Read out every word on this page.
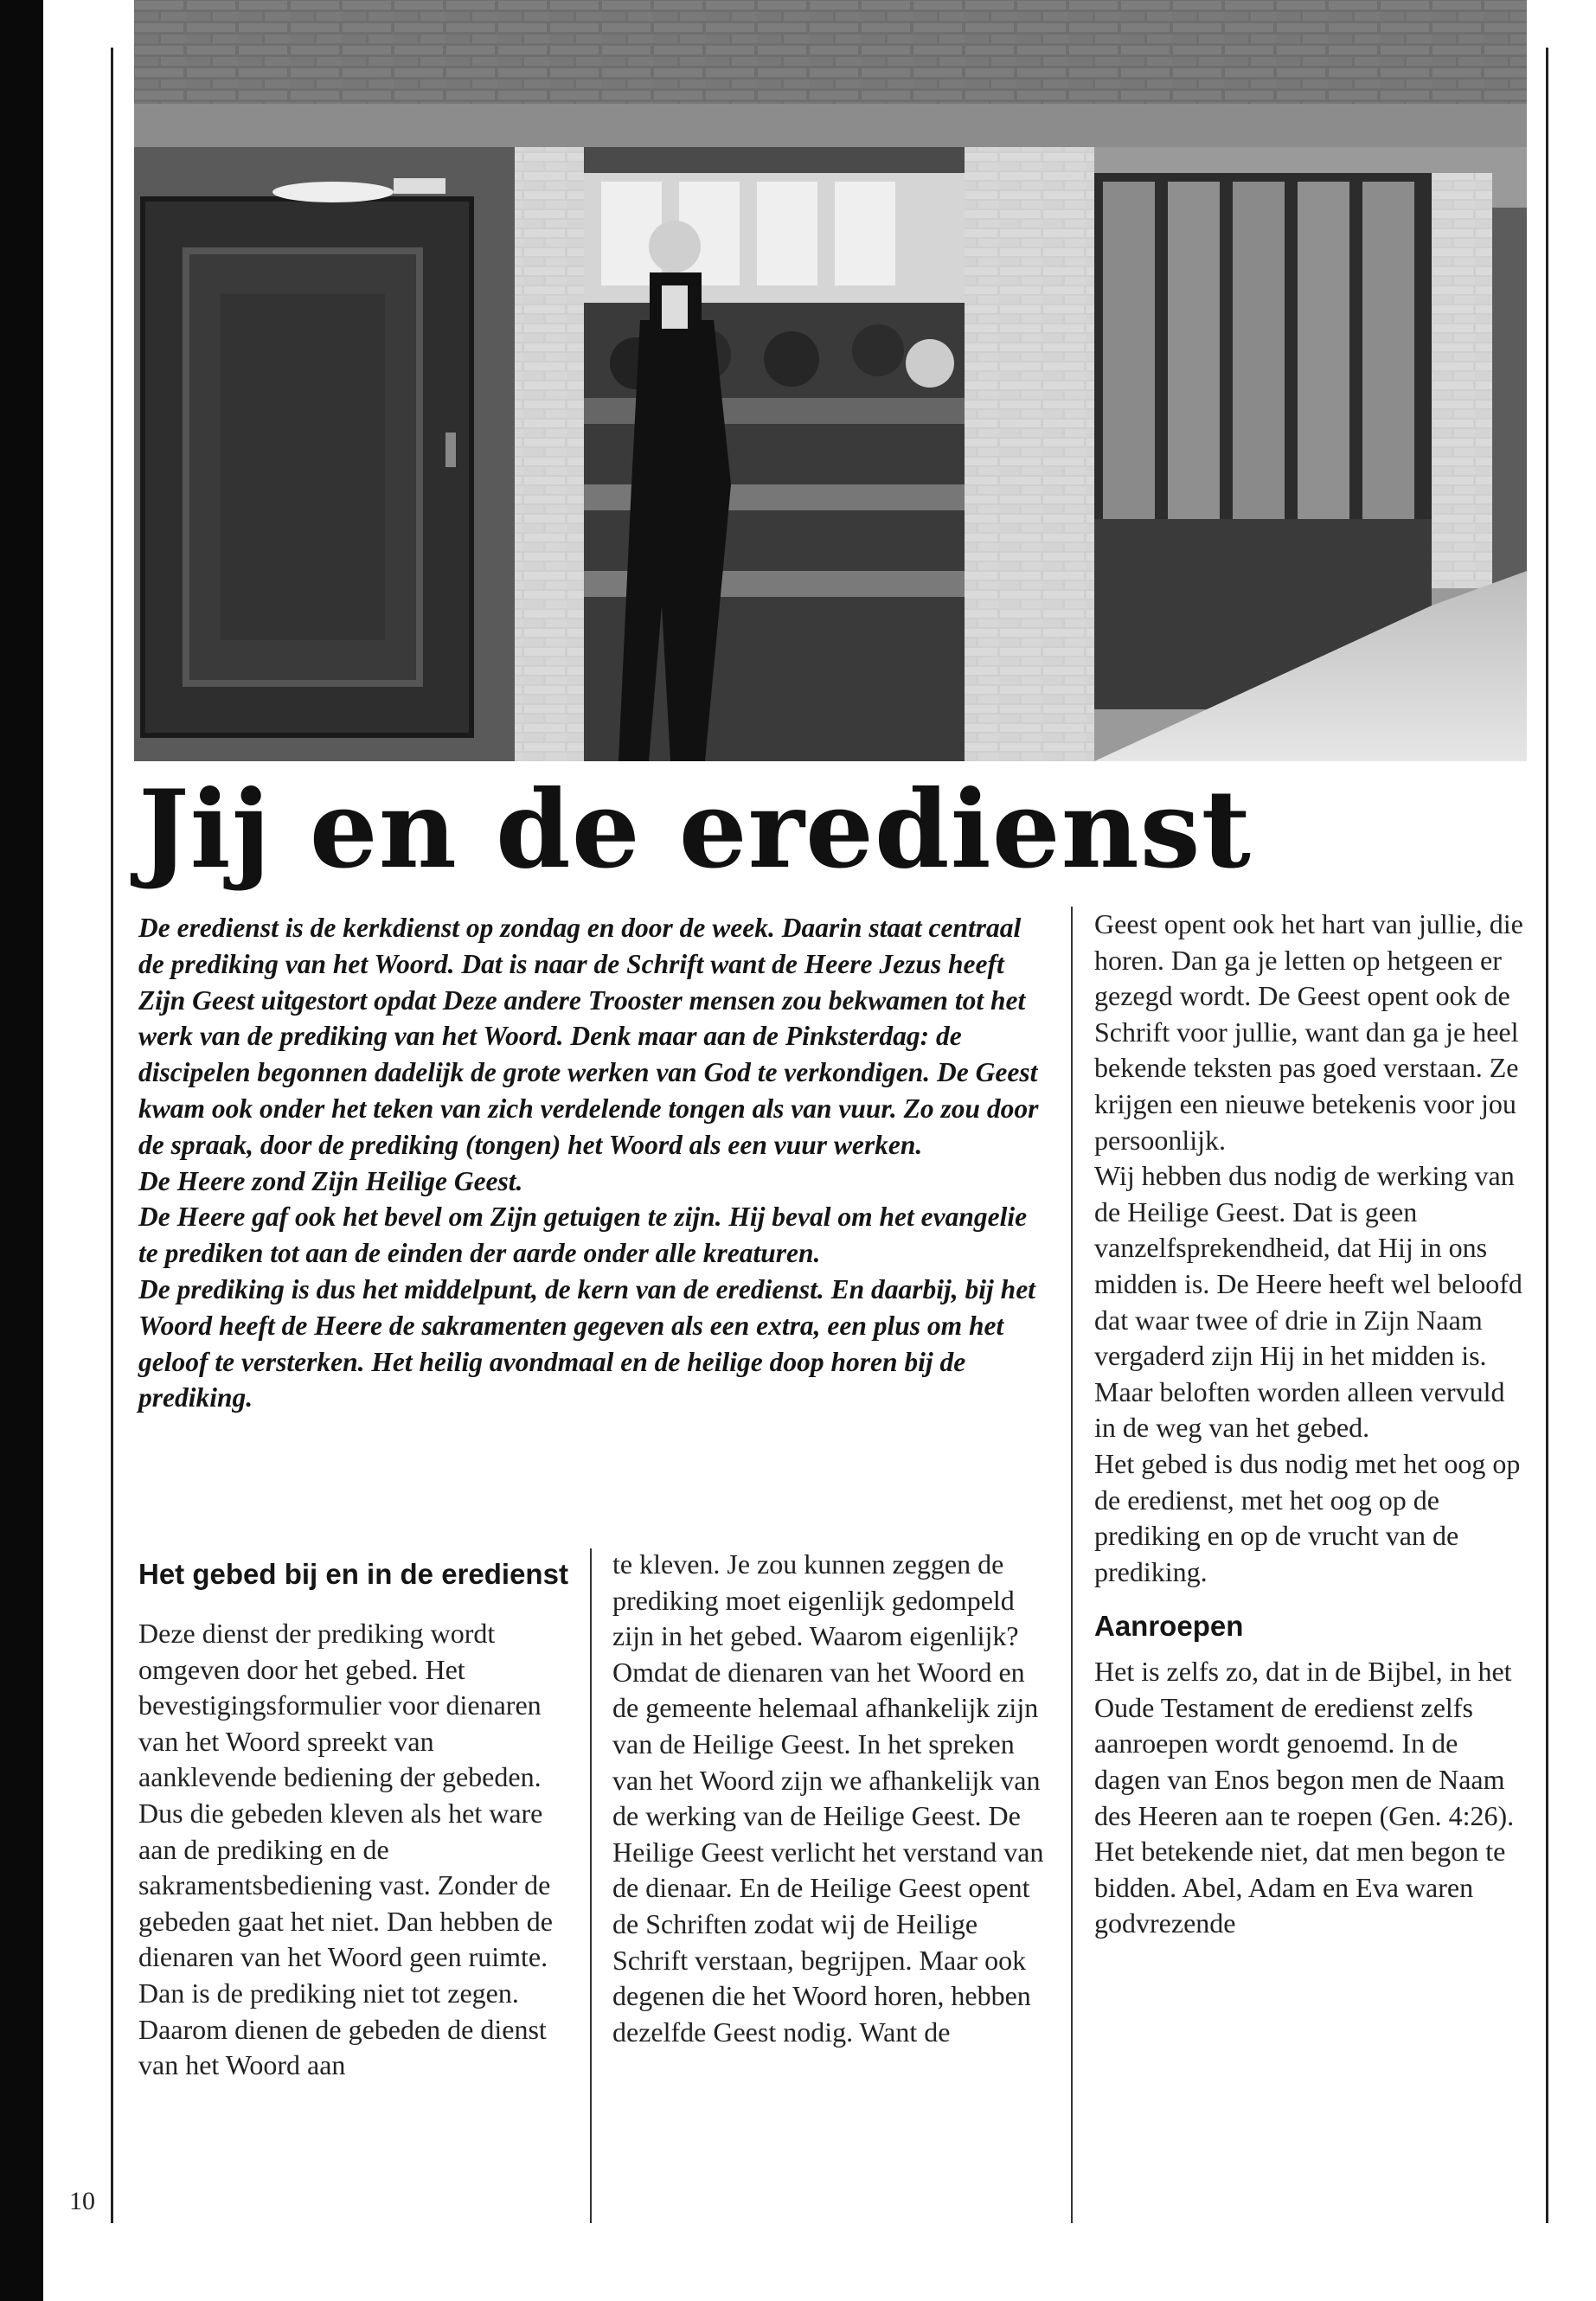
Jij en de eredienst

De eredienst is de kerkdienst op zondag en door de week. Daarin staat centraal de prediking van het Woord. Dat is naar de Schrift want de Heere Jezus heeft Zijn Geest uitgestort opdat Deze andere Trooster mensen zou bekwamen tot het werk van de prediking van het Woord. Denk maar aan de Pinksterdag: de discipelen begonnen dadelijk de grote werken van God te verkondigen. De Geest kwam ook onder het teken van zich verdelende tongen als van vuur. Zo zou door de spraak, door de prediking (tongen) het Woord als een vuur werken.

De Heere zond Zijn Heilige Geest.

De Heere gaf ook het bevel om Zijn getuigen te zijn. Hij beval om het evangelie te prediken tot aan de einden der aarde onder alle kreaturen.

De prediking is dus het middelpunt, de kern van de eredienst. En daarbij, bij het Woord heeft de Heere de sakramenten gegeven als een extra, een plus om het geloof te versterken. Het heilig avondmaal en de heilige doop horen bij de prediking.

Het gebed bij en in de eredienst

Deze dienst der prediking wordt omgeven door het gebed. Het bevestigingsformulier voor dienaren van het Woord spreekt van aanklevende bediening der gebeden. Dus die gebeden kleven als het ware aan de prediking en de sakramentsbediening vast. Zonder de gebeden gaat het niet. Dan hebben de dienaren van het Woord geen ruimte. Dan is de prediking niet tot zegen. Daarom dienen de gebeden de dienst van het Woord aan

te kleven. Je zou kunnen zeggen de prediking moet eigenlijk gedompeld zijn in het gebed. Waarom eigenlijk? Omdat de dienaren van het Woord en de gemeente helemaal afhankelijk zijn van de Heilige Geest. In het spreken van het Woord zijn we afhankelijk van de werking van de Heilige Geest. De Heilige Geest verlicht het verstand van de dienaar. En de Heilige Geest opent de Schriften zodat wij de Heilige Schrift verstaan, begrijpen. Maar ook degenen die het Woord horen, hebben dezelfde Geest nodig. Want de

Geest opent ook het hart van jullie, die horen. Dan ga je letten op hetgeen er gezegd wordt. De Geest opent ook de Schrift voor jullie, want dan ga je heel bekende teksten pas goed verstaan. Ze krijgen een nieuwe betekenis voor jou persoonlijk.

Wij hebben dus nodig de werking van de Heilige Geest. Dat is geen vanzelfsprekendheid, dat Hij in ons midden is. De Heere heeft wel beloofd dat waar twee of drie in Zijn Naam vergaderd zijn Hij in het midden is. Maar beloften worden alleen vervuld in de weg van het gebed.

Het gebed is dus nodig met het oog op de eredienst, met het oog op de prediking en op de vrucht van de prediking.

Aanroepen

Het is zelfs zo, dat in de Bijbel, in het Oude Testament de eredienst zelfs aanroepen wordt genoemd. In de dagen van Enos begon men de Naam des Heeren aan te roepen (Gen. 4:26). Het betekende niet, dat men begon te bidden. Abel, Adam en Eva waren godvrezende

10
